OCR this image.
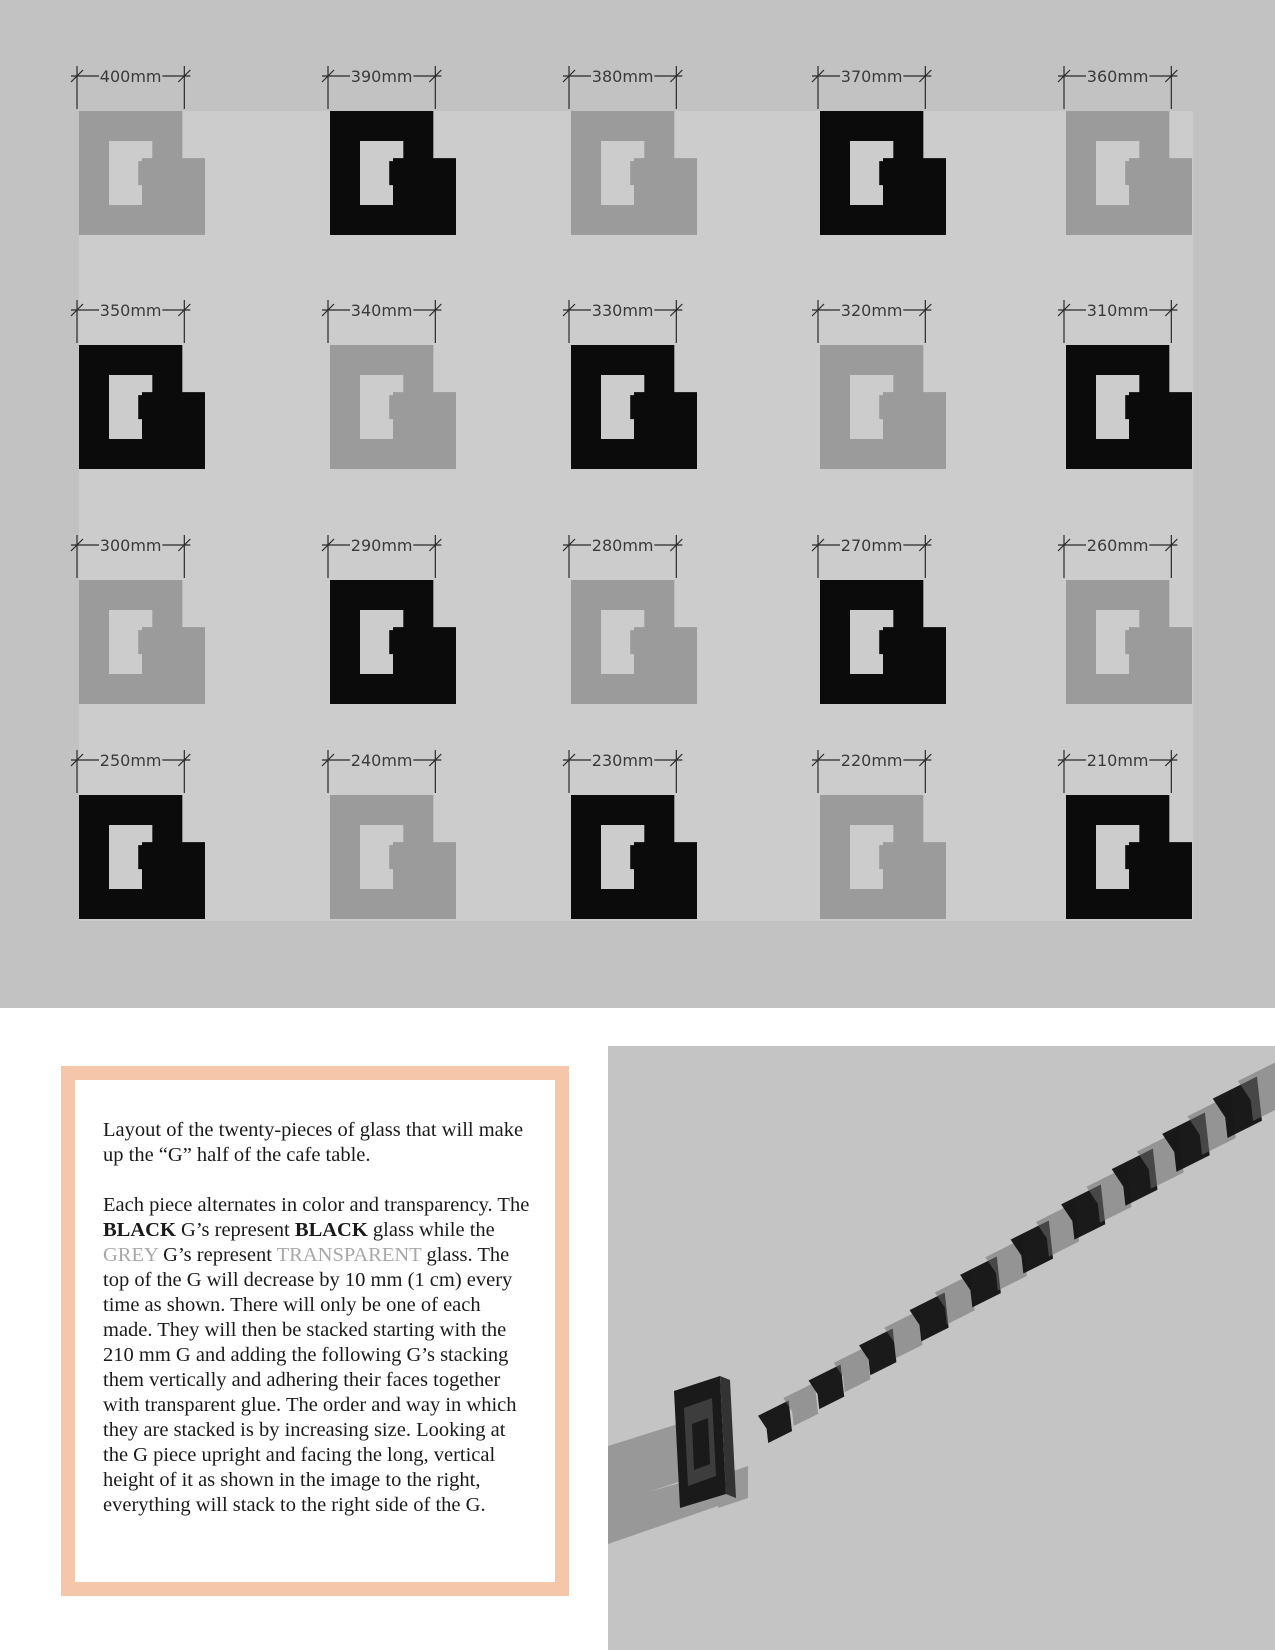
400mm	390mm	380mm	370mm	360mm
350mm	340mm	330mm	320mm	310mm
300mm	290mm	280mm	270mm	260mm
250mm	240mm	230mm	220mm	210mm

Layout of the twenty-pieces of glass that will make up the “G” half of the cafe table.

Each piece alternates in color and transparency. The BLACK G’s represent BLACK glass while the GREY G’s represent TRANSPARENT glass. The top of the G will decrease by 10 mm (1 cm) every time as shown. There will only be one of each made. They will then be stacked starting with the 210 mm G and adding the following G’s stacking them vertically and adhering their faces together with transparent glue. The order and way in which they are stacked is by increasing size. Looking at the G piece upright and facing the long, vertical height of it as shown in the image to the right, everything will stack to the right side of the G.
